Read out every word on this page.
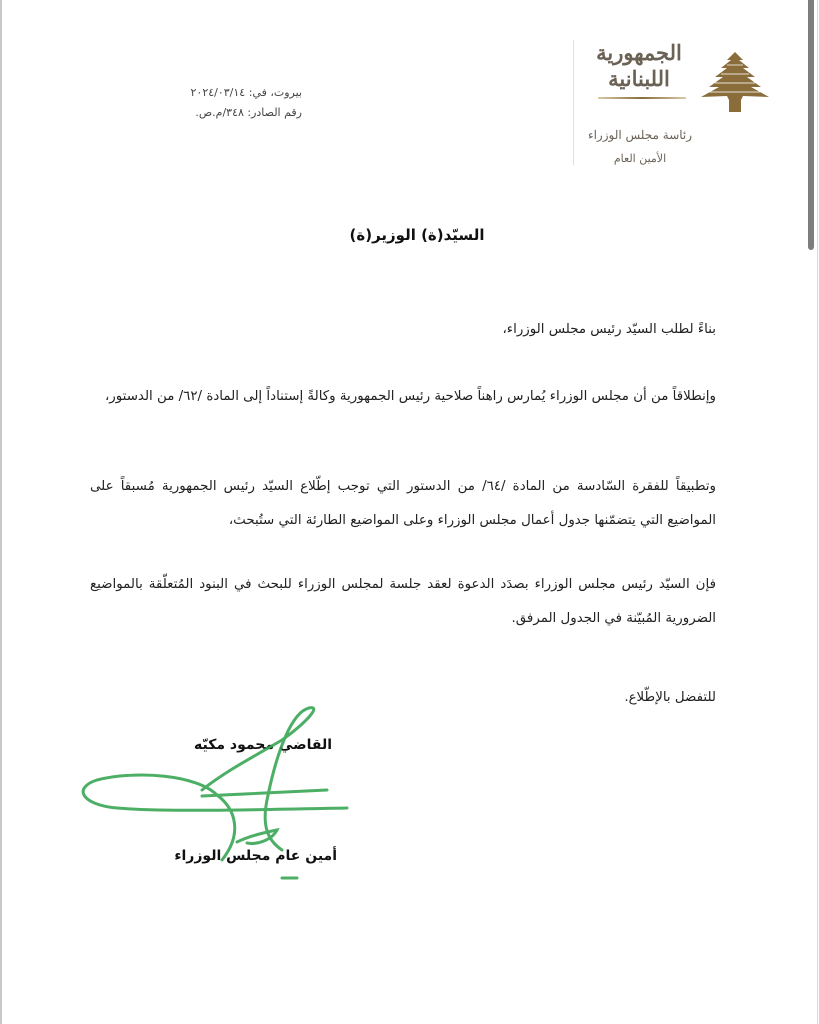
الجمهورية
اللبنانية
رئاسة مجلس الوزراء
الأمين العام
بيروت، في: ٢٠٢٤/٠٣/١٤
رقم الصادر: ٣٤٨/م.ص.
السيّد(ة) الوزير(ة)
بناءً لطلب السيّد رئيس مجلس الوزراء،
وإنطلاقاً من أن مجلس الوزراء يُمارس راهناً صلاحية رئيس الجمهورية وكالةً إستناداً إلى المادة /٦٢/ من الدستور،
وتطبيقاً للفقرة السّادسة من المادة /٦٤/ من الدستور التي توجب إطّلاع السيّد رئيس الجمهورية مُسبقاً على المواضيع التي يتضمّنها جدول أعمال مجلس الوزراء وعلى المواضيع الطارئة التي ستُبحث،
فإن السيّد رئيس مجلس الوزراء بصدَد الدعوة لعقد جلسة لمجلس الوزراء للبحث في البنود المُتعلّقة بالمواضيع الضرورية المُبيّنة في الجدول المرفق.
للتفضل بالإطّلاع.
القاضي محمود مكيّه
أمين عام مجلس الوزراء
